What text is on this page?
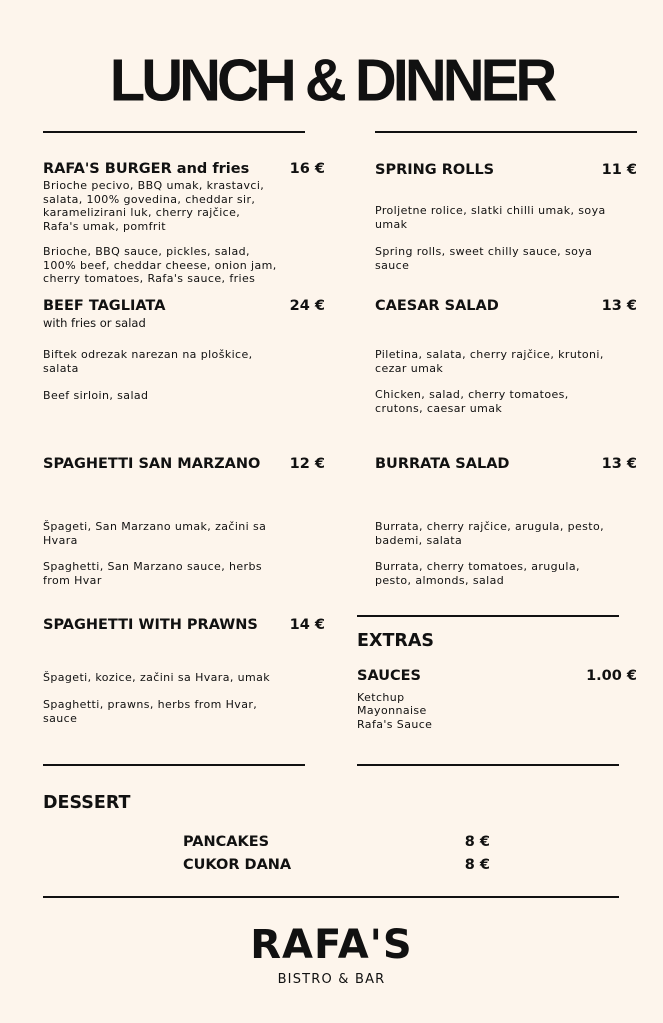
LUNCH & DINNER
RAFA'S BURGER and fries	16 €
Brioche pecivo, BBQ umak, krastavci, salata, 100% govedina, cheddar sir, karamelizirani luk, cherry rajčice, Rafa's umak, pomfrit
Brioche, BBQ sauce, pickles, salad, 100% beef, cheddar cheese, onion jam, cherry tomatoes, Rafa's sauce, fries
BEEF TAGLIATA	24 €
with fries or salad
Biftek odrezak narezan na ploškice, salata
Beef sirloin, salad
SPAGHETTI SAN MARZANO	12 €
Špageti, San Marzano umak, začini sa Hvara
Spaghetti, San Marzano sauce, herbs from Hvar
SPAGHETTI WITH PRAWNS	14 €
Špageti, kozice, začini sa Hvara, umak
Spaghetti, prawns, herbs from Hvar, sauce
SPRING ROLLS	11 €
Proljetne rolice, slatki chilli umak, soya umak
Spring rolls, sweet chilly sauce, soya sauce
CAESAR SALAD	13 €
Piletina, salata, cherry rajčice, krutoni, cezar umak
Chicken, salad, cherry tomatoes, crutons, caesar umak
BURRATA SALAD	13 €
Burrata, cherry rajčice, arugula, pesto, bademi, salata
Burrata, cherry tomatoes, arugula, pesto, almonds, salad
EXTRAS
SAUCES	1.00 €
Ketchup
Mayonnaise
Rafa's Sauce
DESSERT
PANCAKES	8 €
CUKOR DANA	8 €
RAFA'S
BISTRO & BAR
